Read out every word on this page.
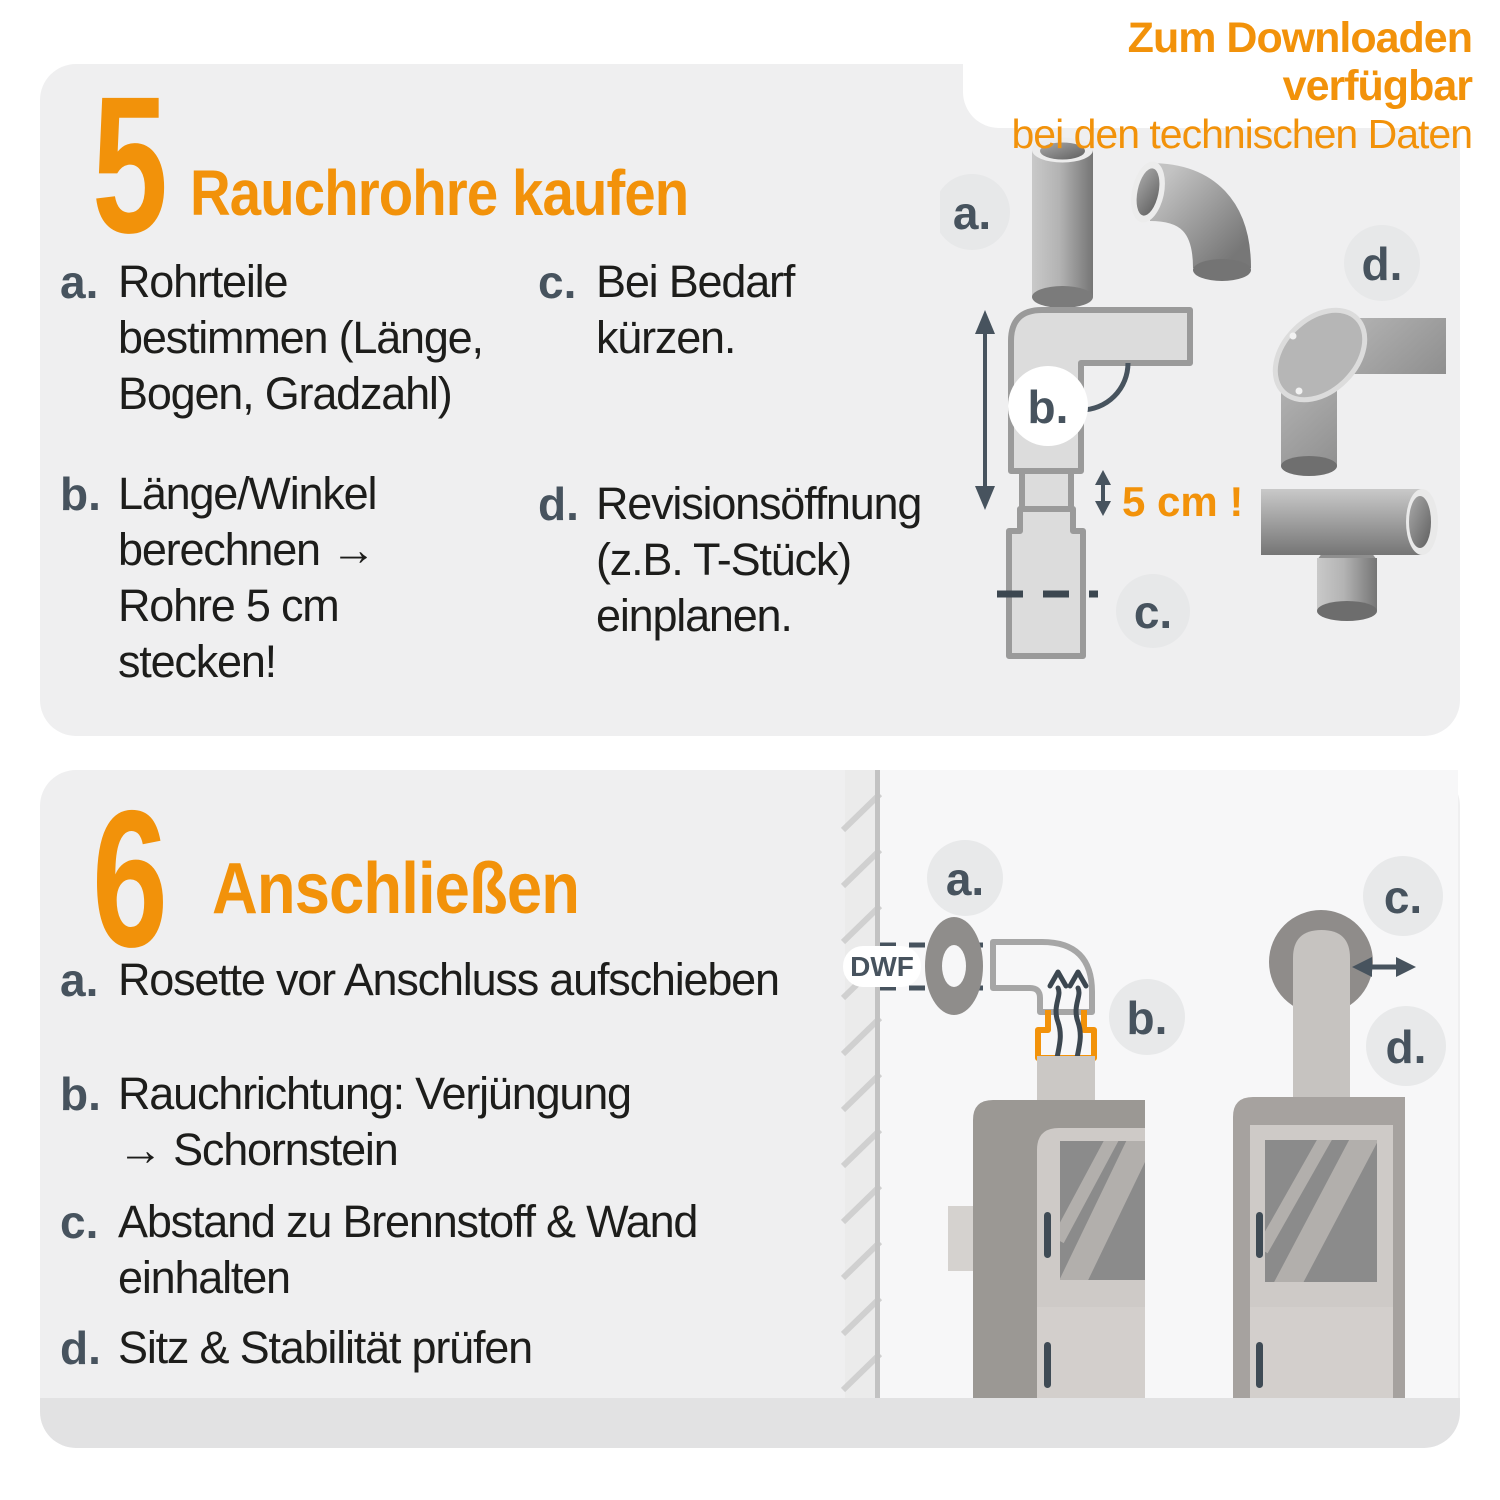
5 Rauchrohre kaufen
a. Rohrteile
bestimmen (Länge,
Bogen, Gradzahl)
b. Länge/Winkel
berechnen →
Rohre 5 cm
stecken!
c. Bei Bedarf
kürzen.
d. Revisionsöffnung
(z.B. T-Stück)
einplanen.
Zum Downloaden verfügbar
bei den technischen Daten
a.
d.
5 cm !
b.
c.
6 Anschließen
a. Rosette vor Anschluss aufschieben
b. Rauchrichtung: Verjüngung
→ Schornstein
c. Abstand zu Brennstoff & Wand
einhalten
d. Sitz & Stabilität prüfen
a.
DWF
b.
c.
d.
